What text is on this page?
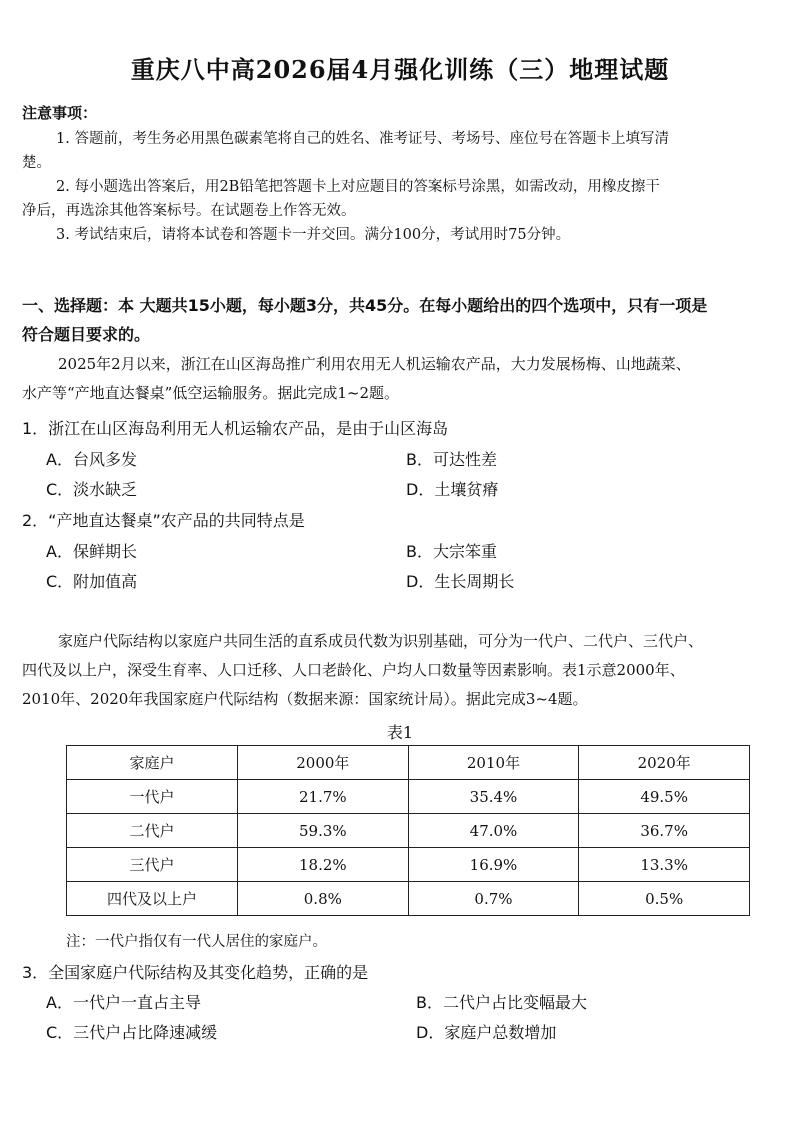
重庆八中高2026届4月强化训练（三）地理试题
注意事项：
1. 答题前，考生务必用黑色碳素笔将自己的姓名、准考证号、考场号、座位号在答题卡上填写清
楚。
2. 每小题选出答案后，用2B铅笔把答题卡上对应题目的答案标号涂黑，如需改动，用橡皮擦干
净后，再选涂其他答案标号。在试题卷上作答无效。
3. 考试结束后，请将本试卷和答题卡一并交回。满分100分，考试用时75分钟。
一、选择题：本 大题共15小题，每小题3分，共45分。在每小题给出的四个选项中，只有一项是
符合题目要求的。
2025年2月以来，浙江在山区海岛推广利用农用无人机运输农产品，大力发展杨梅、山地蔬菜、
水产等“产地直达餐桌”低空运输服务。据此完成1~2题。
1．浙江在山区海岛利用无人机运输农产品，是由于山区海岛
A．台风多发	B．可达性差
C．淡水缺乏	D．土壤贫瘠
2．“产地直达餐桌”农产品的共同特点是
A．保鲜期长	B．大宗笨重
C．附加值高	D．生长周期长
家庭户代际结构以家庭户共同生活的直系成员代数为识别基础，可分为一代户、二代户、三代户、
四代及以上户，深受生育率、人口迁移、人口老龄化、户均人口数量等因素影响。表1示意2000年、
2010年、2020年我国家庭户代际结构（数据来源：国家统计局）。据此完成3~4题。
表1
家庭户	2000年	2010年	2020年
一代户	21.7%	35.4%	49.5%
二代户	59.3%	47.0%	36.7%
三代户	18.2%	16.9%	13.3%
四代及以上户	0.8%	0.7%	0.5%
注：一代户指仅有一代人居住的家庭户。
3．全国家庭户代际结构及其变化趋势，正确的是
A．一代户一直占主导	B．二代户占比变幅最大
C．三代户占比降速减缓	D．家庭户总数增加
